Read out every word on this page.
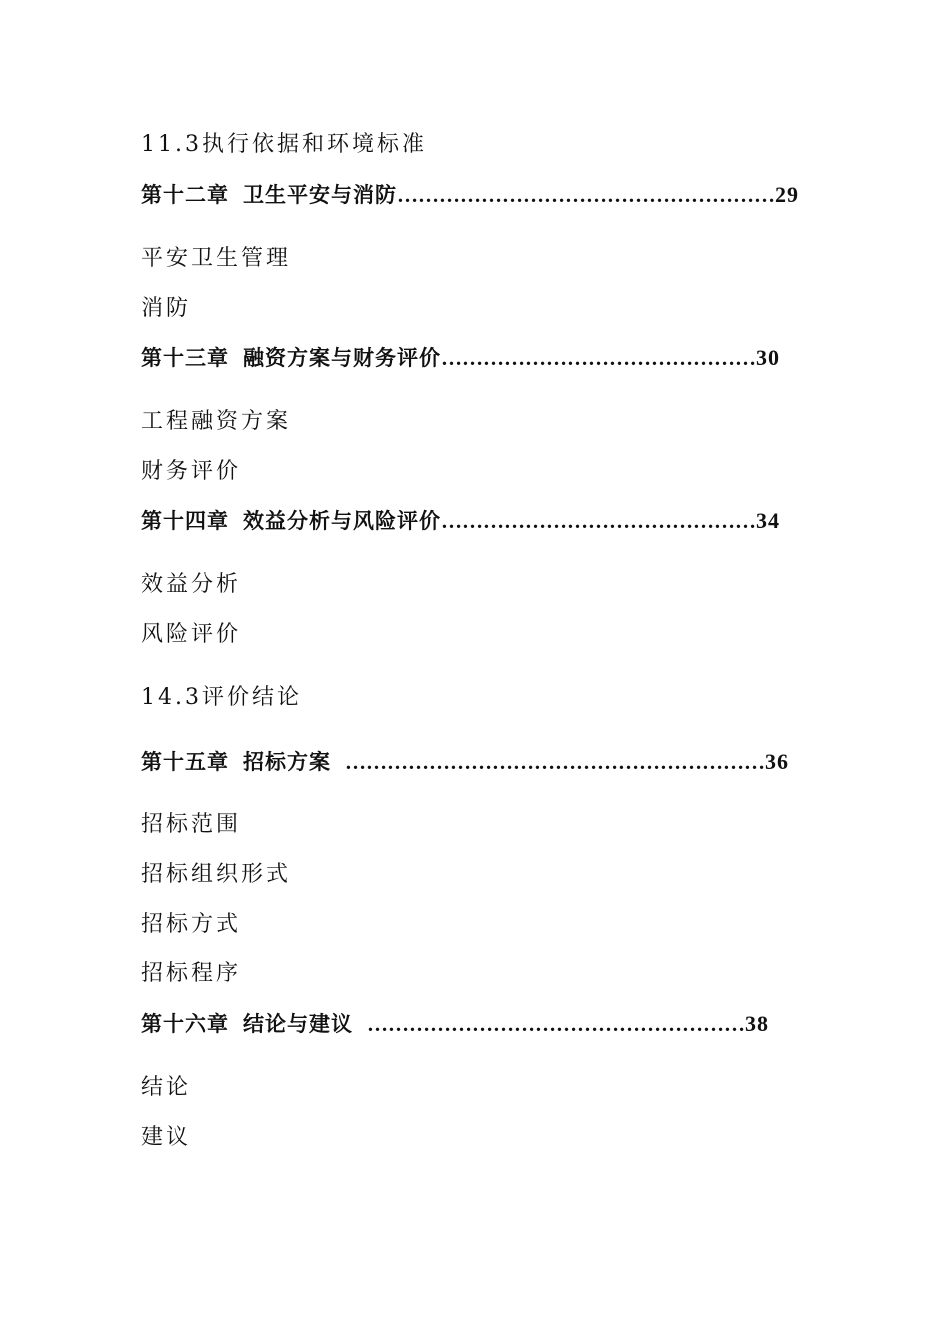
11.3执行依据和环境标准
第十二章 卫生平安与消防………………………………………………29
平安卫生管理
消防
第十三章 融资方案与财务评价………………………………………30
工程融资方案
财务评价
第十四章 效益分析与风险评价………………………………………34
效益分析
风险评价
14.3评价结论
第十五章 招标方案 ……………………………………………………36
招标范围
招标组织形式
招标方式
招标程序
第十六章 结论与建议 ………………………………………………38
结论
建议
